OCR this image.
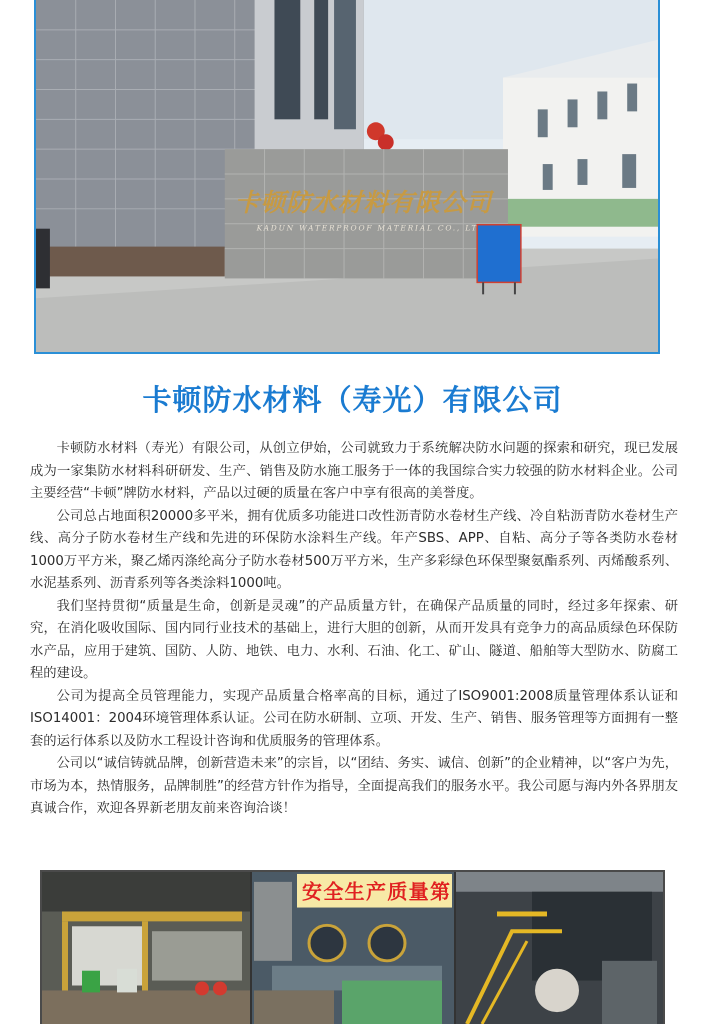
卡顿防水材料有限公司
KADUN WATERPROOF MATERIAL CO., LT
卡顿防水材料（寿光）有限公司

卡顿防水材料（寿光）有限公司，从创立伊始，公司就致力于系统解决防水问题的探索和研究，现已发展成为一家集防水材料科研研发、生产、销售及防水施工服务于一体的我国综合实力较强的防水材料企业。公司主要经营“卡顿”牌防水材料，产品以过硬的质量在客户中享有很高的美誉度。

公司总占地面积20000多平米，拥有优质多功能进口改性沥青防水卷材生产线、冷自粘沥青防水卷材生产线、高分子防水卷材生产线和先进的环保防水涂料生产线。年产SBS、APP、自粘、高分子等各类防水卷材1000万平方米，聚乙烯丙涤纶高分子防水卷材500万平方米，生产多彩绿色环保型聚氨酯系列、丙烯酸系列、水泥基系列、沥青系列等各类涂料1000吨。

我们坚持贯彻“质量是生命，创新是灵魂”的产品质量方针，在确保产品质量的同时，经过多年探索、研究，在消化吸收国际、国内同行业技术的基础上，进行大胆的创新，从而开发具有竞争力的高品质绿色环保防水产品，应用于建筑、国防、人防、地铁、电力、水利、石油、化工、矿山、隧道、船舶等大型防水、防腐工程的建设。

公司为提高全员管理能力，实现产品质量合格率高的目标，通过了ISO9001:2008质量管理体系认证和ISO14001：2004环境管理体系认证。公司在防水研制、立项、开发、生产、销售、服务管理等方面拥有一整套的运行体系以及防水工程设计咨询和优质服务的管理体系。

公司以“诚信铸就品牌，创新营造未来”的宗旨，以“团结、务实、诚信、创新”的企业精神，以“客户为先，市场为本，热情服务，品牌制胜”的经营方针作为指导，全面提高我们的服务水平。我公司愿与海内外各界朋友真诚合作，欢迎各界新老朋友前来咨询洽谈！

安全生产质量第
